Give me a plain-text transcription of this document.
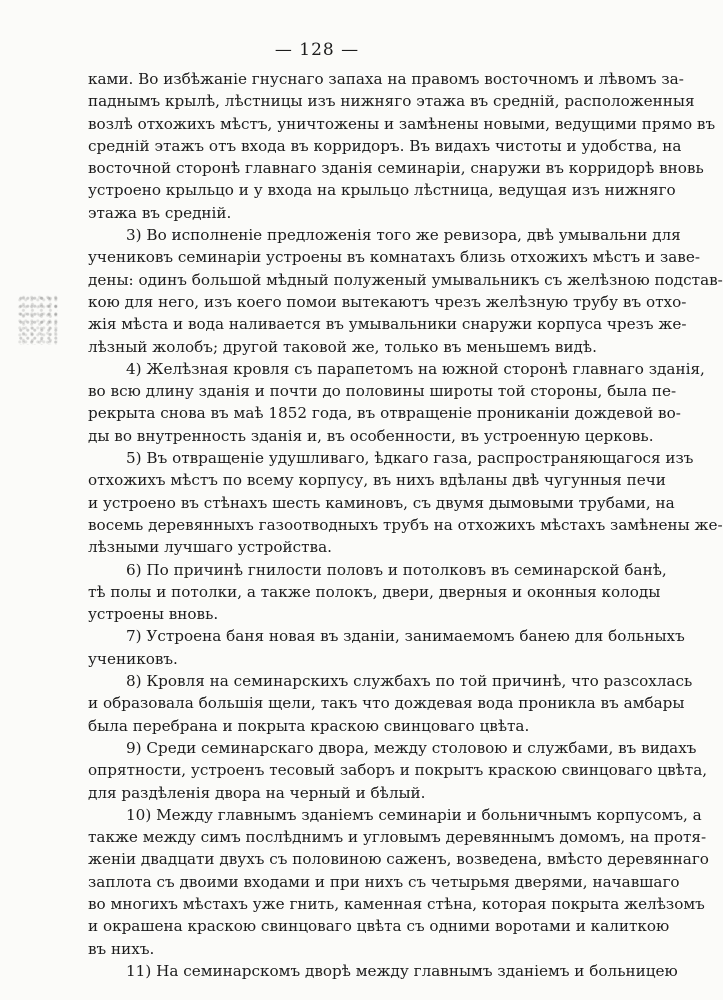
— 128 —
ками. Во избѣжаніе гнуснаго запаха на правомъ восточномъ и лѣвомъ за-
паднымъ крылѣ, лѣстницы изъ нижняго этажа въ средній, расположенныя
возлѣ отхожихъ мѣстъ, уничтожены и замѣнены новыми, ведущими прямо въ
средній этажъ отъ входа въ корридоръ. Въ видахъ чистоты и удобства, на
восточной сторонѣ главнаго зданія семинаріи, снаружи въ корридорѣ вновь
устроено крыльцо и у входа на крыльцо лѣстница, ведущая изъ нижняго
этажа въ средній.
3) Во исполненіе предложенія того же ревизора, двѣ умывальни для
учениковъ семинаріи устроены въ комнатахъ близь отхожихъ мѣстъ и заве-
дены: одинъ большой мѣдный полуженый умывальникъ съ желѣзною подстав-
кою для него, изъ коего помои вытекаютъ чрезъ желѣзную трубу въ отхо-
жія мѣста и вода наливается въ умывальники снаружи корпуса чрезъ же-
лѣзный жолобъ; другой таковой же, только въ меньшемъ видѣ.
4) Желѣзная кровля съ парапетомъ на южной сторонѣ главнаго зданія,
во всю длину зданія и почти до половины широты той стороны, была пе-
рекрыта снова въ маѣ 1852 года, въ отвращеніе прониканіи дождевой во-
ды во внутренность зданія и, въ особенности, въ устроенную церковь.
5) Въ отвращеніе удушливаго, ѣдкаго газа, распространяющагося изъ
отхожихъ мѣстъ по всему корпусу, въ нихъ вдѣланы двѣ чугунныя печи
и устроено въ стѣнахъ шесть каминовъ, съ двумя дымовыми трубами, на
восемь деревянныхъ газоотводныхъ трубъ на отхожихъ мѣстахъ замѣнены же-
лѣзными лучшаго устройства.
6) По причинѣ гнилости половъ и потолковъ въ семинарской банѣ,
тѣ полы и потолки, а также полокъ, двери, дверныя и оконныя колоды
устроены вновь.
7) Устроена баня новая въ зданіи, занимаемомъ банею для больныхъ
учениковъ.
8) Кровля на семинарскихъ службахъ по той причинѣ, что разсохлась
и образовала большія щели, такъ что дождевая вода проникла въ амбары
была перебрана и покрыта краскою свинцоваго цвѣта.
9) Среди семинарскаго двора, между столовою и службами, въ видахъ
опрятности, устроенъ тесовый заборъ и покрытъ краскою свинцоваго цвѣта,
для раздѣленія двора на черный и бѣлый.
10) Между главнымъ зданіемъ семинаріи и больничнымъ корпусомъ, а
также между симъ послѣднимъ и угловымъ деревяннымъ домомъ, на протя-
женіи двадцати двухъ съ половиною саженъ, возведена, вмѣсто деревяннаго
заплота съ двоими входами и при нихъ съ четырьмя дверями, начавшаго
во многихъ мѣстахъ уже гнить, каменная стѣна, которая покрыта желѣзомъ
и окрашена краскою свинцоваго цвѣта съ одними воротами и калиткою
въ нихъ.
11) На семинарскомъ дворѣ между главнымъ зданіемъ и больницею
